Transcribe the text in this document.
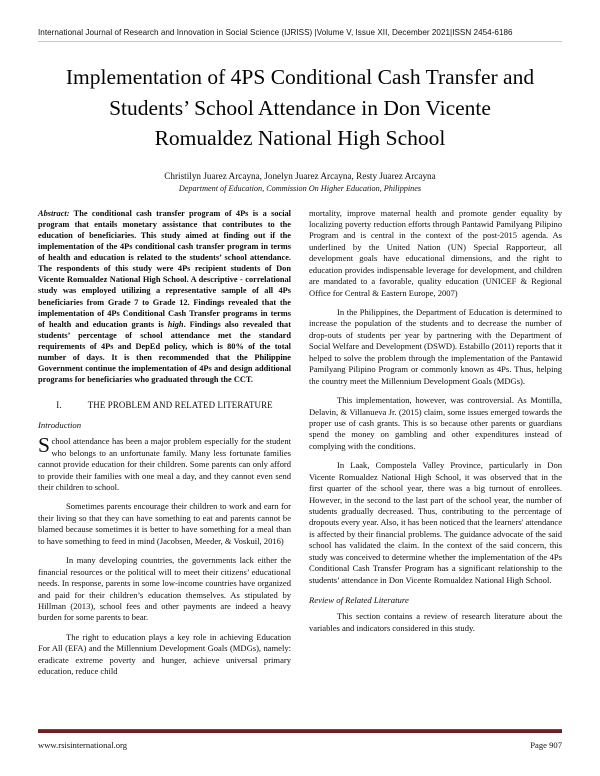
International Journal of Research and Innovation in Social Science (IJRISS) |Volume V, Issue XII, December 2021|ISSN 2454-6186
Implementation of 4PS Conditional Cash Transfer and Students’ School Attendance in Don Vicente Romualdez National High School
Christilyn Juarez Arcayna, Jonelyn Juarez Arcayna, Resty Juarez Arcayna
Department of Education, Commission On Higher Education, Philippines

Abstract: The conditional cash transfer program of 4Ps is a social program that entails monetary assistance that contributes to the education of beneficiaries. This study aimed at finding out if the implementation of the 4Ps conditional cash transfer program in terms of health and education is related to the students’ school attendance. The respondents of this study were 4Ps recipient students of Don Vicente Romualdez National High School. A descriptive - correlational study was employed utilizing a representative sample of all 4Ps beneficiaries from Grade 7 to Grade 12. Findings revealed that the implementation of 4Ps Conditional Cash Transfer programs in terms of health and education grants is high. Findings also revealed that students’ percentage of school attendance met the standard requirements of 4Ps and DepEd policy, which is 80% of the total number of days. It is then recommended that the Philippine Government continue the implementation of 4Ps and design additional programs for beneficiaries who graduated through the CCT.

I.	THE PROBLEM AND RELATED LITERATURE
Introduction

School attendance has been a major problem especially for the student who belongs to an unfortunate family. Many less fortunate families cannot provide education for their children. Some parents can only afford to provide their families with one meal a day, and they cannot even send their children to school.

Sometimes parents encourage their children to work and earn for their living so that they can have something to eat and parents cannot be blamed because sometimes it is better to have something for a meal than to have something to feed in mind (Jacobsen, Meeder, & Voskuil, 2016)

In many developing countries, the governments lack either the financial resources or the political will to meet their citizens’ educational needs. In response, parents in some low-income countries have organized and paid for their children’s education themselves. As stipulated by Hillman (2013), school fees and other payments are indeed a heavy burden for some parents to bear.

The right to education plays a key role in achieving Education For All (EFA) and the Millennium Development Goals (MDGs), namely: eradicate extreme poverty and hunger, achieve universal primary education, reduce child

mortality, improve maternal health and promote gender equality by localizing poverty reduction efforts through Pantawid Pamilyang Pilipino Program and is central in the context of the post-2015 agenda. As underlined by the United Nation (UN) Special Rapporteur, all development goals have educational dimensions, and the right to education provides indispensable leverage for development, and children are mandated to a favorable, quality education (UNICEF & Regional Office for Central & Eastern Europe, 2007)

In the Philippines, the Department of Education is determined to increase the population of the students and to decrease the number of drop-outs of students per year by partnering with the Department of Social Welfare and Development (DSWD). Estabillo (2011) reports that it helped to solve the problem through the implementation of the Pantawid Pamilyang Pilipino Program or commonly known as 4Ps. Thus, helping the country meet the Millennium Development Goals (MDGs).

This implementation, however, was controversial. As Montilla, Delavin, & Villanueva Jr. (2015) claim, some issues emerged towards the proper use of cash grants. This is so because other parents or guardians spend the money on gambling and other expenditures instead of complying with the conditions.

In Laak, Compostela Valley Province, particularly in Don Vicente Romualdez National High School, it was observed that in the first quarter of the school year, there was a big turnout of enrollees. However, in the second to the last part of the school year, the number of students gradually decreased. Thus, contributing to the percentage of dropouts every year. Also, it has been noticed that the learners' attendance is affected by their financial problems. The guidance advocate of the said school has validated the claim. In the context of the said concern, this study was conceived to determine whether the implementation of the 4Ps Conditional Cash Transfer Program has a significant relationship to the students’ attendance in Don Vicente Romualdez National High School.

Review of Related Literature

This section contains a review of research literature about the variables and indicators considered in this study.

www.rsisinternational.org	Page 907
